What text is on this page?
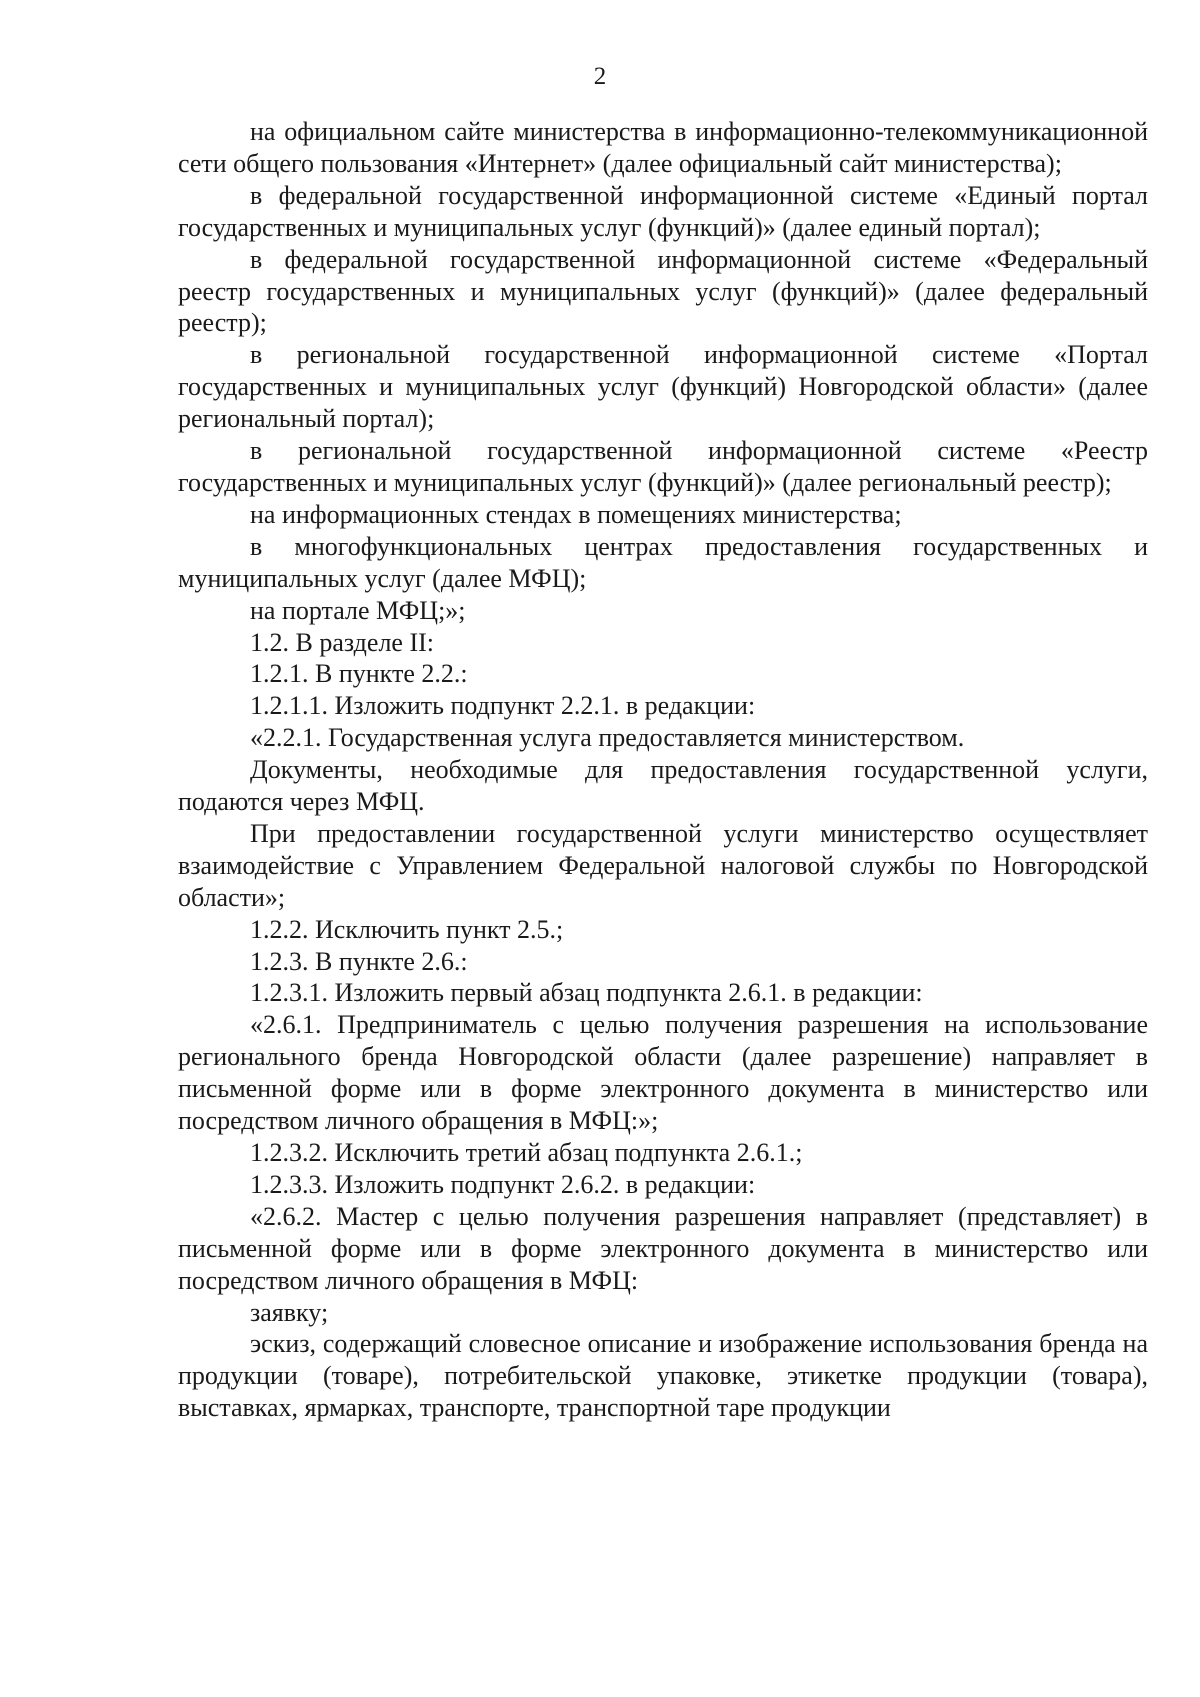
2

на официальном сайте министерства в информационно-телекоммуникационной сети общего пользования «Интернет» (далее официальный сайт министерства);

в федеральной государственной информационной системе «Единый портал государственных и муниципальных услуг (функций)» (далее единый портал);

в федеральной государственной информационной системе «Федеральный реестр государственных и муниципальных услуг (функций)» (далее федеральный реестр);

в региональной государственной информационной системе «Портал государственных и муниципальных услуг (функций) Новгородской области» (далее региональный портал);

в региональной государственной информационной системе «Реестр государственных и муниципальных услуг (функций)» (далее региональный реестр);

на информационных стендах в помещениях министерства;

в многофункциональных центрах предоставления государственных и муниципальных услуг (далее МФЦ);

на портале МФЦ;»;

1.2. В разделе II:

1.2.1. В пункте 2.2.:

1.2.1.1. Изложить подпункт 2.2.1. в редакции:

«2.2.1. Государственная услуга предоставляется министерством.

Документы, необходимые для предоставления государственной услуги, подаются через МФЦ.

При предоставлении государственной услуги министерство осуществляет взаимодействие с Управлением Федеральной налоговой службы по Новгородской области»;

1.2.2. Исключить пункт 2.5.;

1.2.3. В пункте 2.6.:

1.2.3.1. Изложить первый абзац подпункта 2.6.1. в редакции:

«2.6.1. Предприниматель с целью получения разрешения на использование регионального бренда Новгородской области (далее разрешение) направляет в письменной форме или в форме электронного документа в министерство или посредством личного обращения в МФЦ:»;

1.2.3.2. Исключить третий абзац подпункта 2.6.1.;

1.2.3.3. Изложить подпункт 2.6.2. в редакции:

«2.6.2. Мастер с целью получения разрешения направляет (представляет) в письменной форме или в форме электронного документа в министерство или посредством личного обращения в МФЦ:

заявку;

эскиз, содержащий словесное описание и изображение использования бренда на продукции (товаре), потребительской упаковке, этикетке продукции (товара), выставках, ярмарках, транспорте, транспортной таре продукции
